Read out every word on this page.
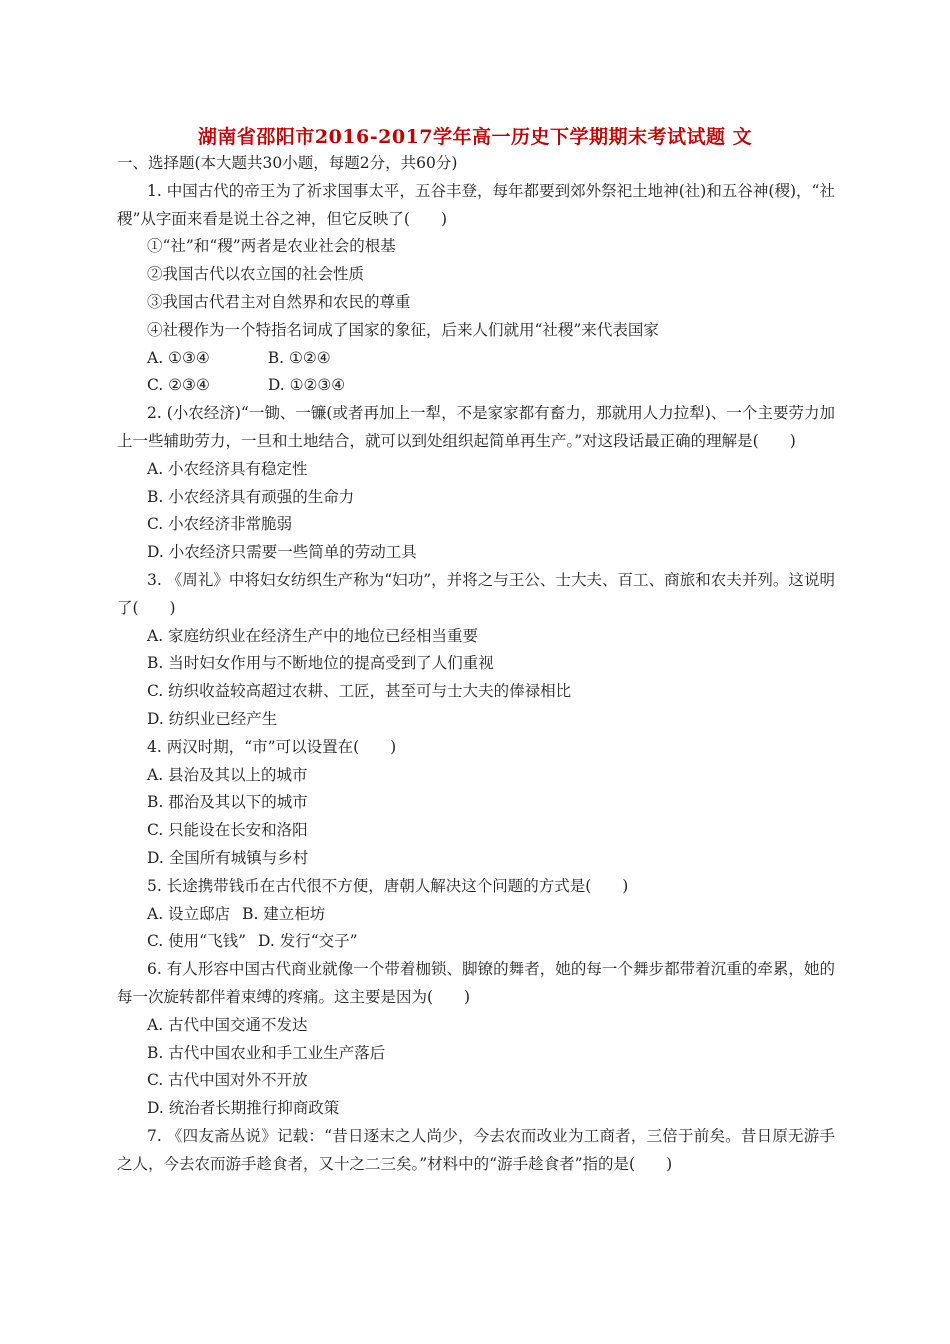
湖南省邵阳市2016-2017学年高一历史下学期期末考试试题 文
一、选择题(本大题共30小题，每题2分，共60分)
1. 中国古代的帝王为了祈求国事太平，五谷丰登，每年都要到郊外祭祀土地神(社)和五谷神(稷)，“社稷”从字面来看是说土谷之神，但它反映了(　　)
①“社”和“稷”两者是农业社会的根基
②我国古代以农立国的社会性质
③我国古代君主对自然界和农民的尊重
④社稷作为一个特指名词成了国家的象征，后来人们就用“社稷”来代表国家
A. ①③④	B. ①②④
C. ②③④	D. ①②③④
2. (小农经济)“一锄、一镰(或者再加上一犁，不是家家都有畜力，那就用人力拉犁)、一个主要劳力加上一些辅助劳力，一旦和土地结合，就可以到处组织起简单再生产。”对这段话最正确的理解是(　　)
A. 小农经济具有稳定性
B. 小农经济具有顽强的生命力
C. 小农经济非常脆弱
D. 小农经济只需要一些简单的劳动工具
3. 《周礼》中将妇女纺织生产称为“妇功”，并将之与王公、士大夫、百工、商旅和农夫并列。这说明了(　　)
A. 家庭纺织业在经济生产中的地位已经相当重要
B. 当时妇女作用与不断地位的提高受到了人们重视
C. 纺织收益较高超过农耕、工匠，甚至可与士大夫的俸禄相比
D. 纺织业已经产生
4. 两汉时期，“市”可以设置在(　　)
A. 县治及其以上的城市
B. 郡治及其以下的城市
C. 只能设在长安和洛阳
D. 全国所有城镇与乡村
5. 长途携带钱币在古代很不方便，唐朝人解决这个问题的方式是(　　)
A. 设立邸店 B. 建立柜坊
C. 使用“飞钱” D. 发行“交子”
6. 有人形容中国古代商业就像一个带着枷锁、脚镣的舞者，她的每一个舞步都带着沉重的牵累，她的每一次旋转都伴着束缚的疼痛。这主要是因为(　　)
A. 古代中国交通不发达
B. 古代中国农业和手工业生产落后
C. 古代中国对外不开放
D. 统治者长期推行抑商政策
7. 《四友斋丛说》记载：“昔日逐末之人尚少，今去农而改业为工商者，三倍于前矣。昔日原无游手之人，今去农而游手趁食者，又十之二三矣。”材料中的“游手趁食者”指的是(　　)
